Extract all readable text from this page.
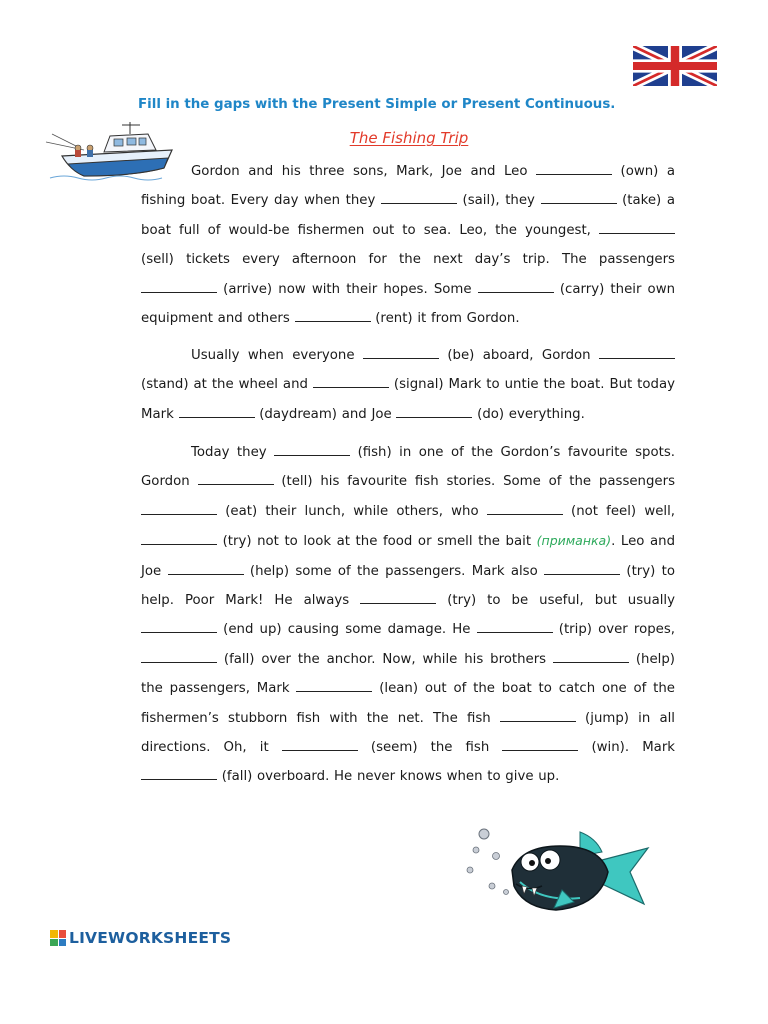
Fill in the gaps with the Present Simple or Present Continuous.
The Fishing Trip

Gordon and his three sons, Mark, Joe and Leo	(own) a fishing boat. Every day when they	(sail), they	(take) a boat full of would-be fishermen out to sea. Leo, the youngest,  (sell) tickets every afternoon for the next day’s trip. The passengers  (arrive) now with their hopes. Some	(carry) their own equipment and others	(rent) it from Gordon.

Usually when everyone	(be) aboard, Gordon  (stand) at the wheel and	(signal) Mark to untie the boat. But today Mark	(daydream) and Joe	(do) everything.

Today they	(fish) in one of the Gordon’s favourite spots. Gordon	(tell) his favourite fish stories. Some of the passengers  (eat) their lunch, while others, who	(not feel) well,  (try) not to look at the food or smell the bait (приманка). Leo and Joe	(help) some of the passengers. Mark also	(try) to help. Poor Mark! He always	(try) to be useful, but usually  (end up) causing some damage. He	(trip) over ropes,  (fall) over the anchor. Now, while his brothers	(help) the passengers, Mark	(lean) out of the boat to catch one of the fishermen’s stubborn fish with the net. The fish	(jump) in all directions. Oh, it	(seem) the fish	(win). Mark  (fall) overboard. He never knows when to give up.

LIVEWORKSHEETS
